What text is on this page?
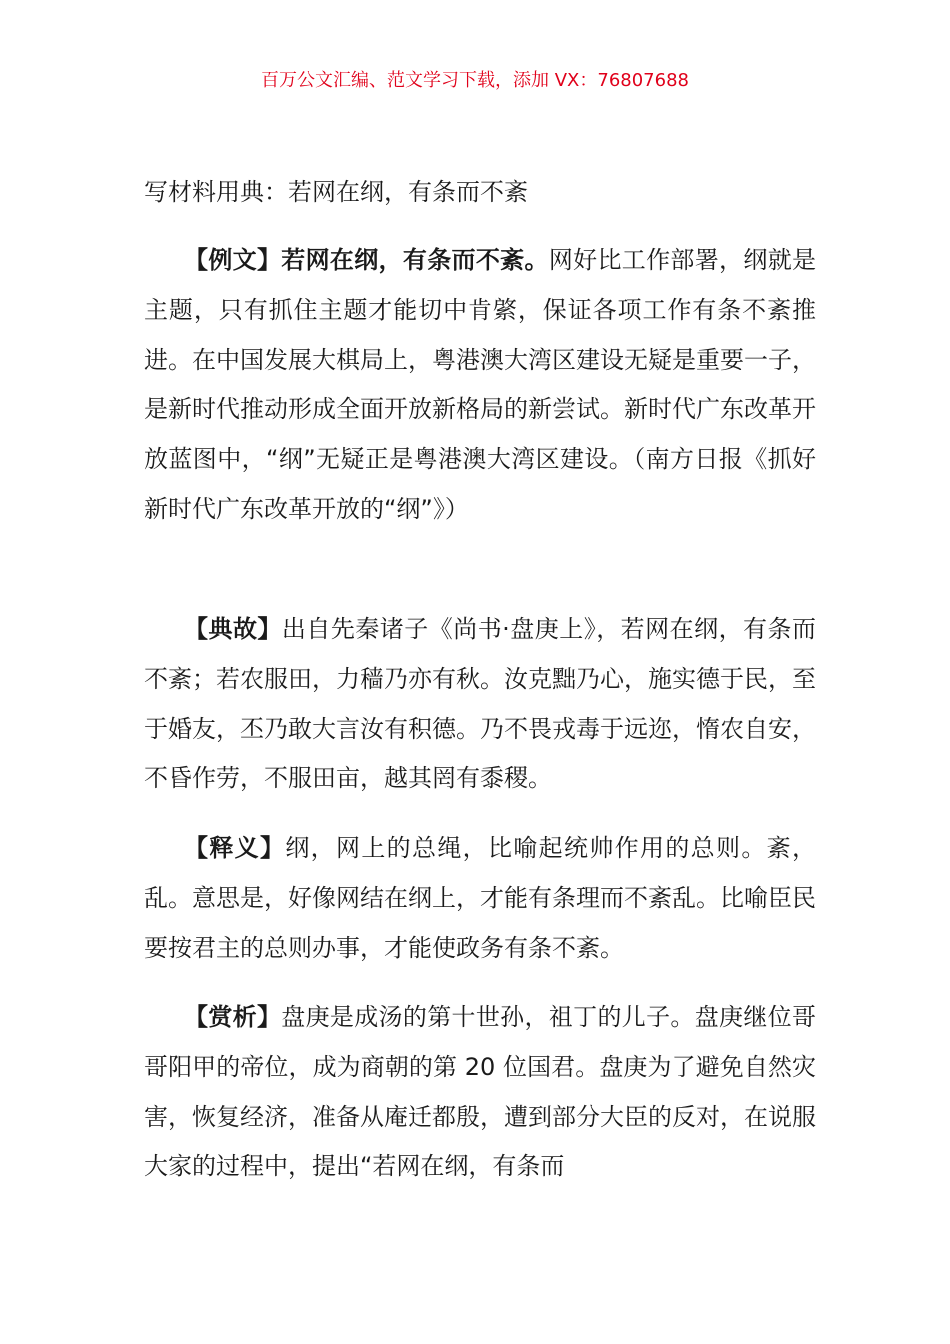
百万公文汇编、范文学习下载，添加 VX：76807688
写材料用典：若网在纲，有条而不紊
【例文】若网在纲，有条而不紊。网好比工作部署，纲就是主题，只有抓住主题才能切中肯綮，保证各项工作有条不紊推进。在中国发展大棋局上，粤港澳大湾区建设无疑是重要一子，是新时代推动形成全面开放新格局的新尝试。新时代广东改革开放蓝图中，“纲”无疑正是粤港澳大湾区建设。（南方日报《抓好新时代广东改革开放的“纲”》）
【典故】出自先秦诸子《尚书·盘庚上》，若网在纲，有条而不紊；若农服田，力穑乃亦有秋。汝克黜乃心，施实德于民，至于婚友，丕乃敢大言汝有积德。乃不畏戎毒于远迩，惰农自安，不昏作劳，不服田亩，越其罔有黍稷。
【释义】纲，网上的总绳，比喻起统帅作用的总则。紊，乱。意思是，好像网结在纲上，才能有条理而不紊乱。比喻臣民要按君主的总则办事，才能使政务有条不紊。
【赏析】盘庚是成汤的第十世孙，祖丁的儿子。盘庚继位哥哥阳甲的帝位，成为商朝的第 20 位国君。盘庚为了避免自然灾害，恢复经济，准备从庵迁都殷，遭到部分大臣的反对，在说服大家的过程中，提出“若网在纲，有条而
